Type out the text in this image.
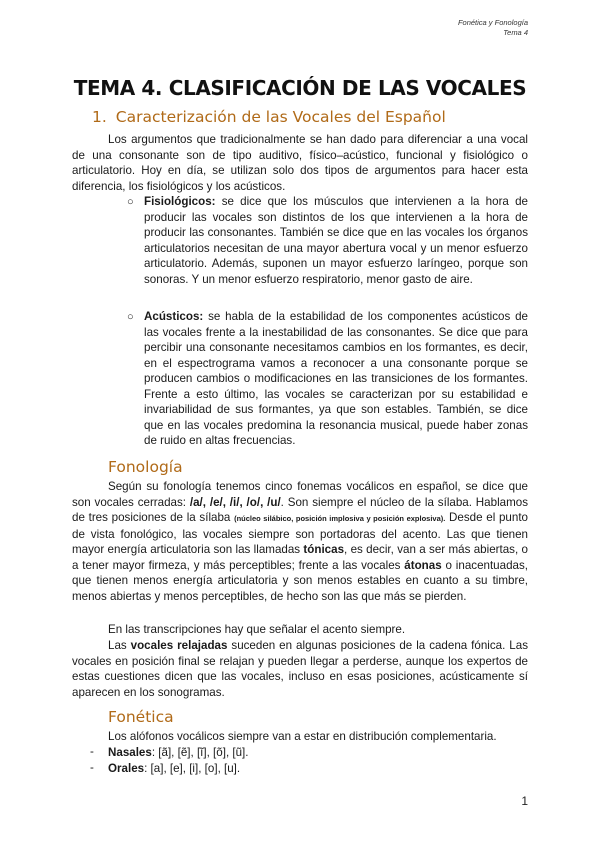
Fonética y Fonología
Tema 4
TEMA 4. CLASIFICACIÓN DE LAS VOCALES
1. Caracterización de las Vocales del Español
Los argumentos que tradicionalmente se han dado para diferenciar a una vocal de una consonante son de tipo auditivo, físico–acústico, funcional y fisiológico o articulatorio. Hoy en día, se utilizan solo dos tipos de argumentos para hacer esta diferencia, los fisiológicos y los acústicos.
○ Fisiológicos: se dice que los músculos que intervienen a la hora de producir las vocales son distintos de los que intervienen a la hora de producir las consonantes. También se dice que en las vocales los órganos articulatorios necesitan de una mayor abertura vocal y un menor esfuerzo articulatorio. Además, suponen un mayor esfuerzo laríngeo, porque son sonoras. Y un menor esfuerzo respiratorio, menor gasto de aire.
○ Acústicos: se habla de la estabilidad de los componentes acústicos de las vocales frente a la inestabilidad de las consonantes. Se dice que para percibir una consonante necesitamos cambios en los formantes, es decir, en el espectrograma vamos a reconocer a una consonante porque se producen cambios o modificaciones en las transiciones de los formantes. Frente a esto último, las vocales se caracterizan por su estabilidad e invariabilidad de sus formantes, ya que son estables. También, se dice que en las vocales predomina la resonancia musical, puede haber zonas de ruido en altas frecuencias.
Fonología
Según su fonología tenemos cinco fonemas vocálicos en español, se dice que son vocales cerradas: /a/, /e/, /i/, /o/, /u/. Son siempre el núcleo de la sílaba. Hablamos de tres posiciones de la sílaba (núcleo silábico, posición implosiva y posición explosiva). Desde el punto de vista fonológico, las vocales siempre son portadoras del acento. Las que tienen mayor energía articulatoria son las llamadas tónicas, es decir, van a ser más abiertas, o a tener mayor firmeza, y más perceptibles; frente a las vocales átonas o inacentuadas, que tienen menos energía articulatoria y son menos estables en cuanto a su timbre, menos abiertas y menos perceptibles, de hecho son las que más se pierden.
En las transcripciones hay que señalar el acento siempre.
Las vocales relajadas suceden en algunas posiciones de la cadena fónica. Las vocales en posición final se relajan y pueden llegar a perderse, aunque los expertos de estas cuestiones dicen que las vocales, incluso en esas posiciones, acústicamente sí aparecen en los sonogramas.
Fonética
Los alófonos vocálicos siempre van a estar en distribución complementaria.
- Nasales: [ã], [ẽ], [ĩ], [õ], [ũ].
- Orales: [a], [e], [i], [o], [u].
1
